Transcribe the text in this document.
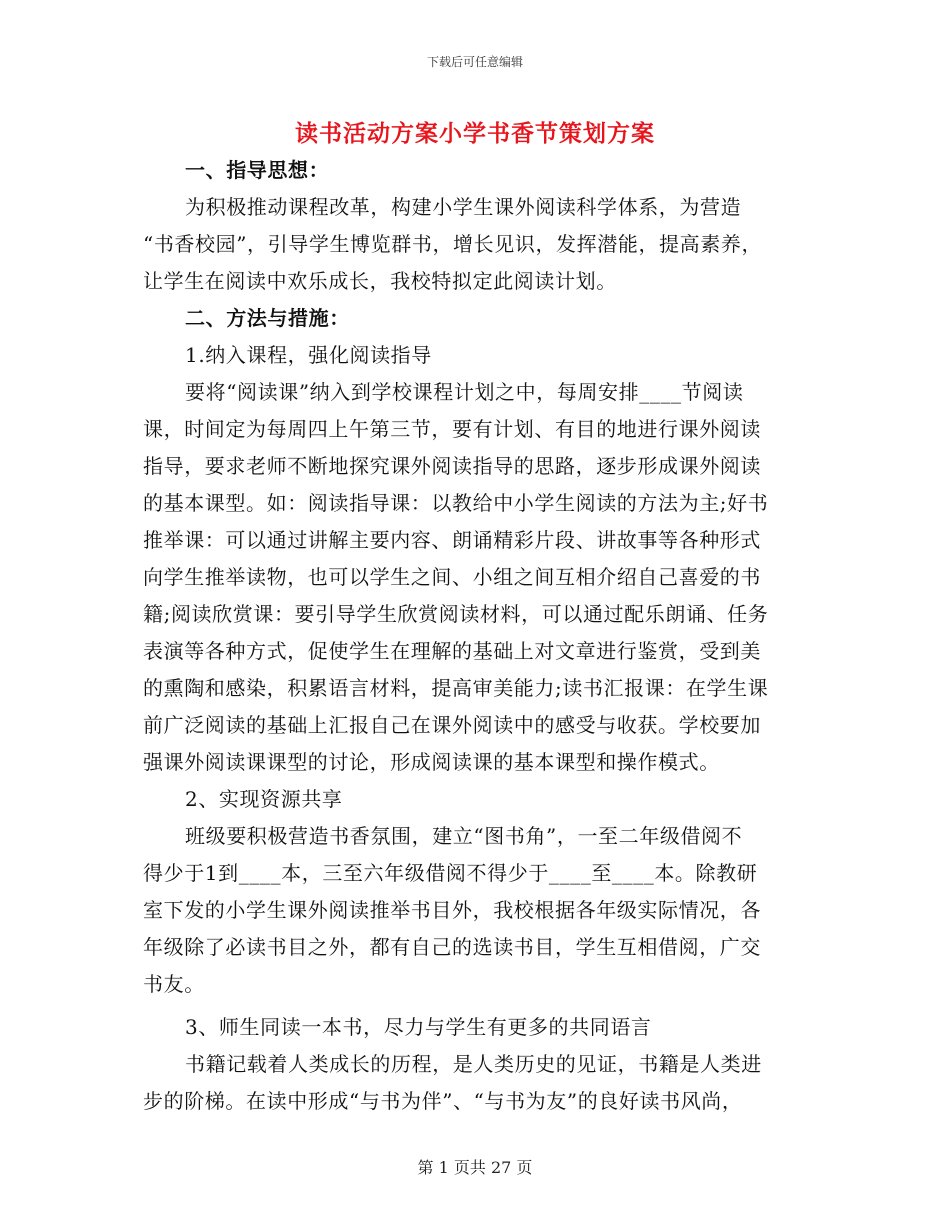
下载后可任意编辑
读书活动方案小学书香节策划方案
一、指导思想：
为积极推动课程改革，构建小学生课外阅读科学体系，为营造
“书香校园”，引导学生博览群书，增长见识，发挥潜能，提高素养，
让学生在阅读中欢乐成长，我校特拟定此阅读计划。
二、方法与措施：
1.纳入课程，强化阅读指导
要将“阅读课”纳入到学校课程计划之中，每周安排____节阅读
课，时间定为每周四上午第三节，要有计划、有目的地进行课外阅读
指导，要求老师不断地探究课外阅读指导的思路，逐步形成课外阅读
的基本课型。如：阅读指导课：以教给中小学生阅读的方法为主;好书
推举课：可以通过讲解主要内容、朗诵精彩片段、讲故事等各种形式
向学生推举读物，也可以学生之间、小组之间互相介绍自己喜爱的书
籍;阅读欣赏课：要引导学生欣赏阅读材料，可以通过配乐朗诵、任务
表演等各种方式，促使学生在理解的基础上对文章进行鉴赏，受到美
的熏陶和感染，积累语言材料，提高审美能力;读书汇报课：在学生课
前广泛阅读的基础上汇报自己在课外阅读中的感受与收获。学校要加
强课外阅读课课型的讨论，形成阅读课的基本课型和操作模式。
2、实现资源共享
班级要积极营造书香氛围，建立“图书角”，一至二年级借阅不
得少于1到____本，三至六年级借阅不得少于____至____本。除教研
室下发的小学生课外阅读推举书目外，我校根据各年级实际情况，各
年级除了必读书目之外，都有自己的选读书目，学生互相借阅，广交
书友。
3、师生同读一本书，尽力与学生有更多的共同语言
书籍记载着人类成长的历程，是人类历史的见证，书籍是人类进
步的阶梯。在读中形成“与书为伴”、“与书为友”的良好读书风尚，
第 1 页共 27 页
